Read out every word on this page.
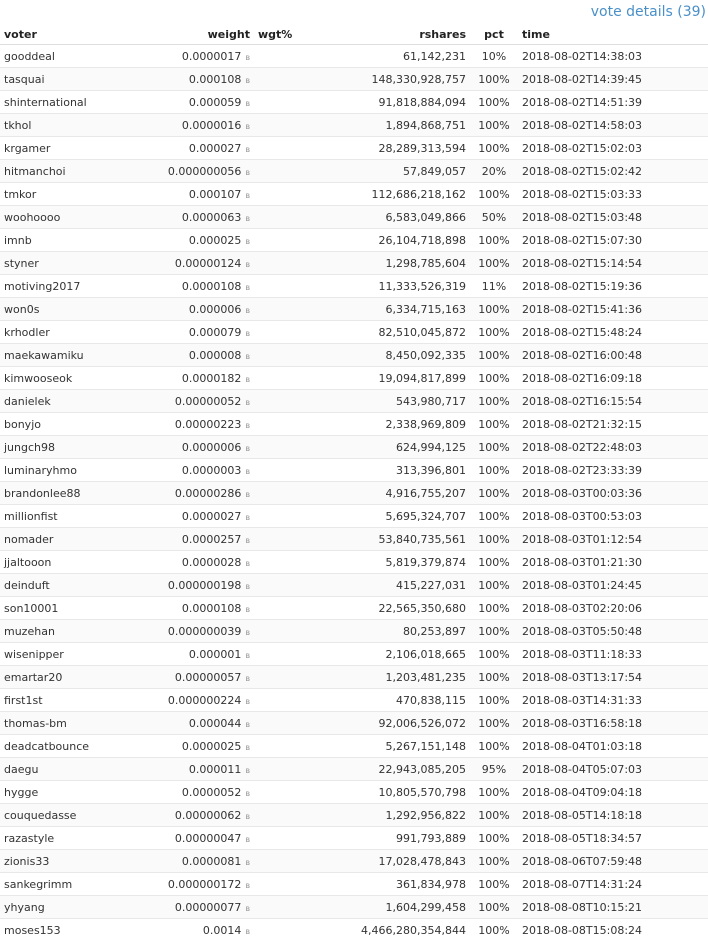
vote details (39)
voter	weight	wgt%	rshares	pct	time
gooddeal	0.0000017 ʙ		61,142,231	10%	2018-08-02T14:38:03
tasquai	0.000108 ʙ		148,330,928,757	100%	2018-08-02T14:39:45
shinternational	0.000059 ʙ		91,818,884,094	100%	2018-08-02T14:51:39
tkhol	0.0000016 ʙ		1,894,868,751	100%	2018-08-02T14:58:03
krgamer	0.000027 ʙ		28,289,313,594	100%	2018-08-02T15:02:03
hitmanchoi	0.000000056 ʙ		57,849,057	20%	2018-08-02T15:02:42
tmkor	0.000107 ʙ		112,686,218,162	100%	2018-08-02T15:03:33
woohoooo	0.0000063 ʙ		6,583,049,866	50%	2018-08-02T15:03:48
imnb	0.000025 ʙ		26,104,718,898	100%	2018-08-02T15:07:30
styner	0.00000124 ʙ		1,298,785,604	100%	2018-08-02T15:14:54
motiving2017	0.0000108 ʙ		11,333,526,319	11%	2018-08-02T15:19:36
won0s	0.000006 ʙ		6,334,715,163	100%	2018-08-02T15:41:36
krhodler	0.000079 ʙ		82,510,045,872	100%	2018-08-02T15:48:24
maekawamiku	0.000008 ʙ		8,450,092,335	100%	2018-08-02T16:00:48
kimwooseok	0.0000182 ʙ		19,094,817,899	100%	2018-08-02T16:09:18
danielek	0.00000052 ʙ		543,980,717	100%	2018-08-02T16:15:54
bonyjo	0.00000223 ʙ		2,338,969,809	100%	2018-08-02T21:32:15
jungch98	0.0000006 ʙ		624,994,125	100%	2018-08-02T22:48:03
luminaryhmo	0.0000003 ʙ		313,396,801	100%	2018-08-02T23:33:39
brandonlee88	0.00000286 ʙ		4,916,755,207	100%	2018-08-03T00:03:36
millionfist	0.0000027 ʙ		5,695,324,707	100%	2018-08-03T00:53:03
nomader	0.0000257 ʙ		53,840,735,561	100%	2018-08-03T01:12:54
jjaltooon	0.0000028 ʙ		5,819,379,874	100%	2018-08-03T01:21:30
deinduft	0.000000198 ʙ		415,227,031	100%	2018-08-03T01:24:45
son10001	0.0000108 ʙ		22,565,350,680	100%	2018-08-03T02:20:06
muzehan	0.000000039 ʙ		80,253,897	100%	2018-08-03T05:50:48
wisenipper	0.000001 ʙ		2,106,018,665	100%	2018-08-03T11:18:33
emartar20	0.00000057 ʙ		1,203,481,235	100%	2018-08-03T13:17:54
first1st	0.000000224 ʙ		470,838,115	100%	2018-08-03T14:31:33
thomas-bm	0.000044 ʙ		92,006,526,072	100%	2018-08-03T16:58:18
deadcatbounce	0.0000025 ʙ		5,267,151,148	100%	2018-08-04T01:03:18
daegu	0.000011 ʙ		22,943,085,205	95%	2018-08-04T05:07:03
hygge	0.0000052 ʙ		10,805,570,798	100%	2018-08-04T09:04:18
couquedasse	0.00000062 ʙ		1,292,956,822	100%	2018-08-05T14:18:18
razastyle	0.00000047 ʙ		991,793,889	100%	2018-08-05T18:34:57
zionis33	0.0000081 ʙ		17,028,478,843	100%	2018-08-06T07:59:48
sankegrimm	0.000000172 ʙ		361,834,978	100%	2018-08-07T14:31:24
yhyang	0.00000077 ʙ		1,604,299,458	100%	2018-08-08T10:15:21
moses153	0.0014 ʙ		4,466,280,354,844	100%	2018-08-08T15:08:24
